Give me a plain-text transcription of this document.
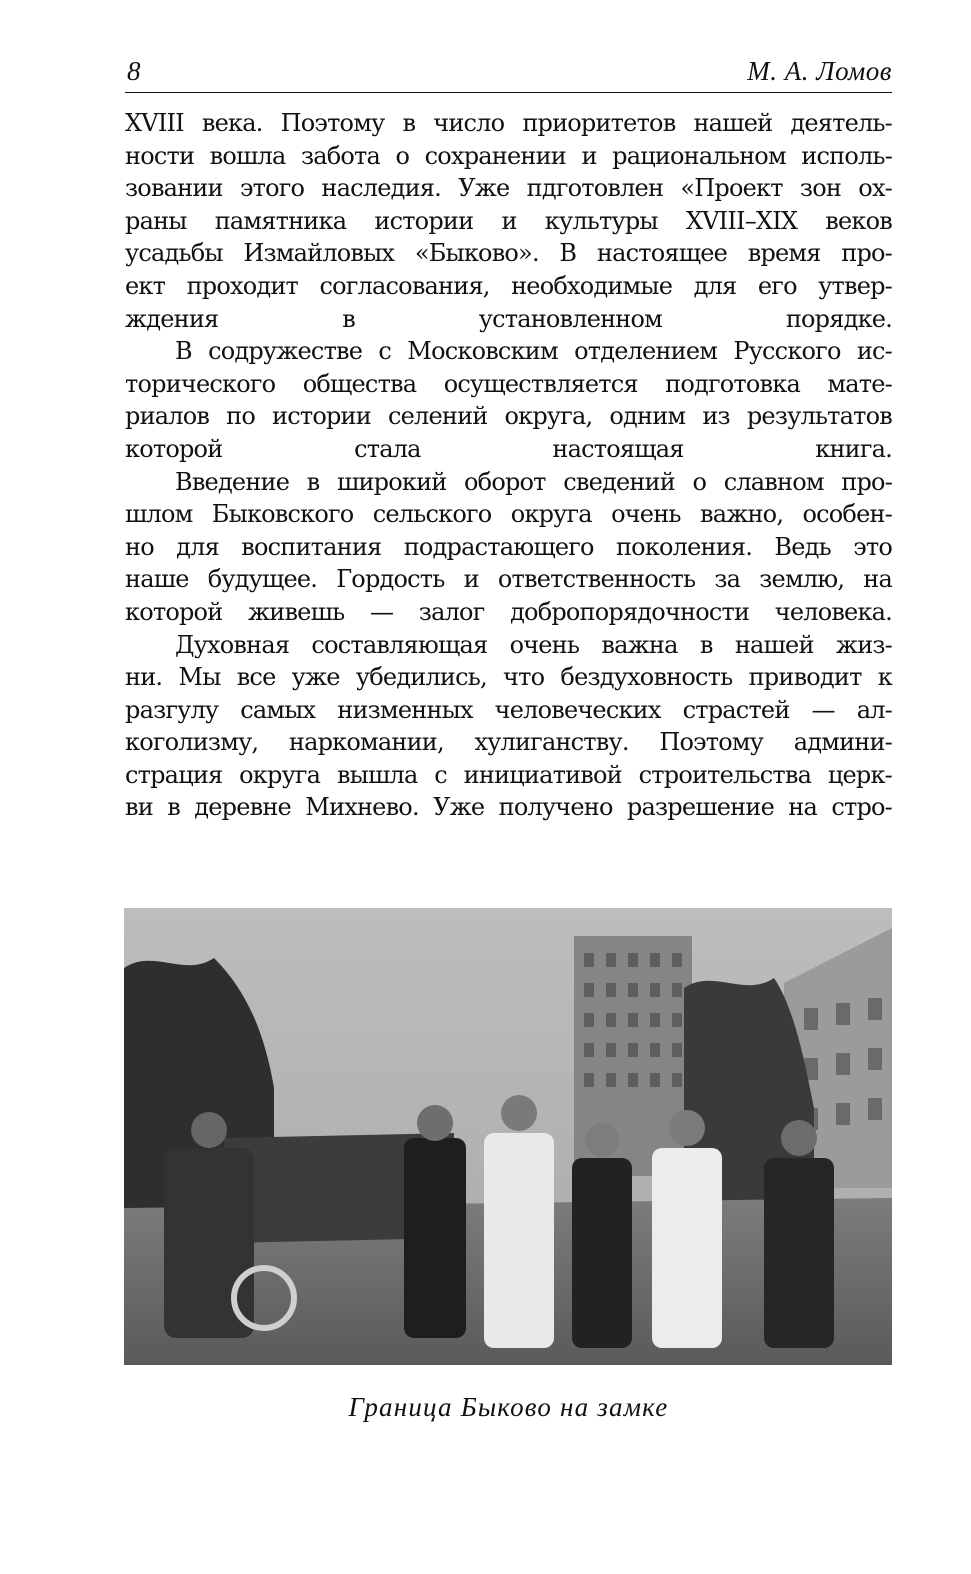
8	М. А. Ломов

XVIII века. Поэтому в число приоритетов нашей деятель-
ности вошла забота о сохранении и рациональном исполь-
зовании этого наследия. Уже пдготовлен «Проект зон ох-
раны памятника истории и культуры XVIII–XIX веков
усадьбы Измайловых «Быково». В настоящее время про-
ект проходит согласования, необходимые для его утвер-
ждения в установленном порядке.

В содружестве с Московским отделением Русского ис-
торического общества осуществляется подготовка мате-
риалов по истории селений округа, одним из результатов
которой стала настоящая книга.

Введение в широкий оборот сведений о славном про-
шлом Быковского сельского округа очень важно, особен-
но для воспитания подрастающего поколения. Ведь это
наше будущее. Гордость и ответственность за землю, на
которой живешь — залог добропорядочности человека.

Духовная составляющая очень важна в нашей жиз-
ни. Мы все уже убедились, что бездуховность приводит к
разгулу самых низменных человеческих страстей — ал-
коголизму, наркомании, хулиганству. Поэтому админи-
страция округа вышла с инициативой строительства церк-
ви в деревне Михнево. Уже получено разрешение на стро-

Граница Быково на замке
